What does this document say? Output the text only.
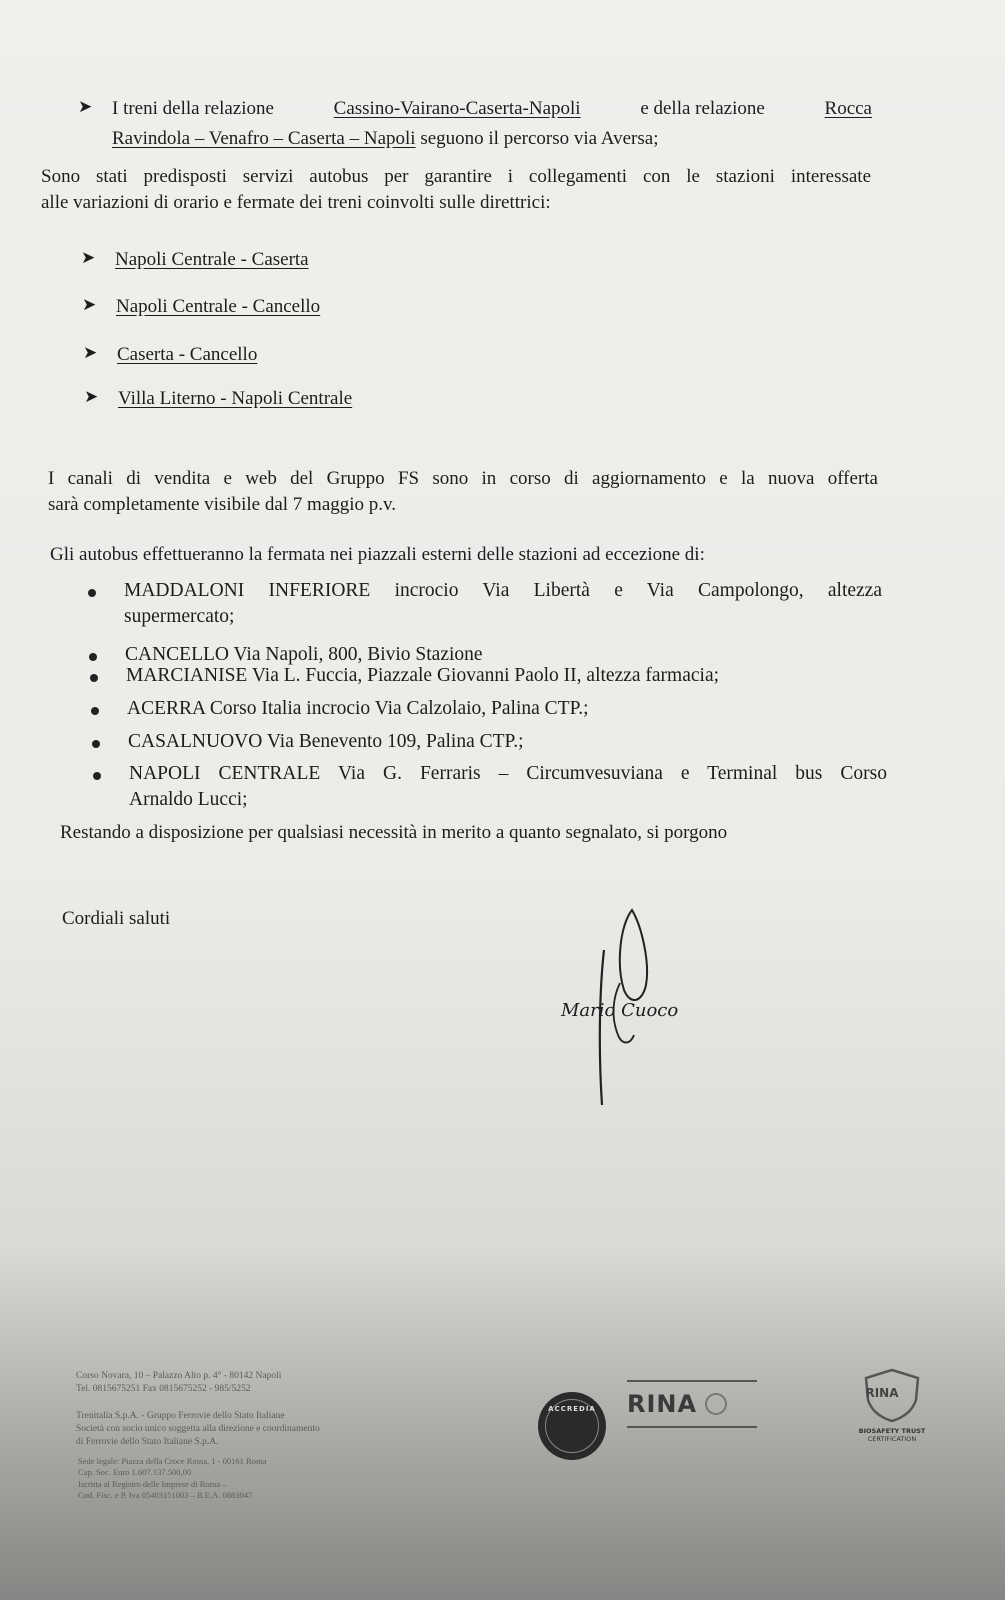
➤ I treni della relazione	Cassino-Vairano-Caserta-Napoli	e della relazione	Rocca
Ravindola – Venafro – Caserta – Napoli seguono il percorso via Aversa;
Sono stati predisposti servizi autobus per garantire i collegamenti con le stazioni interessate
alle variazioni di orario e fermate dei treni coinvolti sulle direttrici:
➤ Napoli Centrale - Caserta
➤ Napoli Centrale - Cancello
➤ Caserta - Cancello
➤ Villa Literno - Napoli Centrale
I canali di vendita e web del Gruppo FS sono in corso di aggiornamento e la nuova offerta
sarà completamente visibile dal 7 maggio p.v.
Gli autobus effettueranno la fermata nei piazzali esterni delle stazioni ad eccezione di:
MADDALONI INFERIORE incrocio Via Libertà e Via Campolongo, altezza
supermercato;
CANCELLO Via Napoli, 800, Bivio Stazione
MARCIANISE Via L. Fuccia, Piazzale Giovanni Paolo II, altezza farmacia;
ACERRA Corso Italia incrocio Via Calzolaio, Palina CTP.;
CASALNUOVO Via Benevento 109, Palina CTP.;
NAPOLI CENTRALE Via G. Ferraris – Circumvesuviana e Terminal bus Corso
Arnaldo Lucci;
Restando a disposizione per qualsiasi necessità in merito a quanto segnalato, si porgono
Cordiali saluti
Mario Cuoco
Corso Novara, 10 – Palazzo Alto p. 4° - 80142 Napoli
Tel. 0815675251 Fax 0815675252 - 985/5252
Trenitalia S.p.A. - Gruppo Ferrovie dello Stato Italiane
Società con socio unico soggetta alla direzione e coordinamento
di Ferrovie dello Stato Italiane S.p.A.
Sede legale: Piazza della Croce Rossa, 1 - 00161 Roma
Cap. Soc. Euro 1.607.137.500,00
Iscritta al Registro delle Imprese di Roma –
Cod. Fisc. e P. Iva 05403151003 – R.E.A. 0883047
ACCREDIA RINA	RINA
BIOSAFETY TRUST
CERTIFICATION
